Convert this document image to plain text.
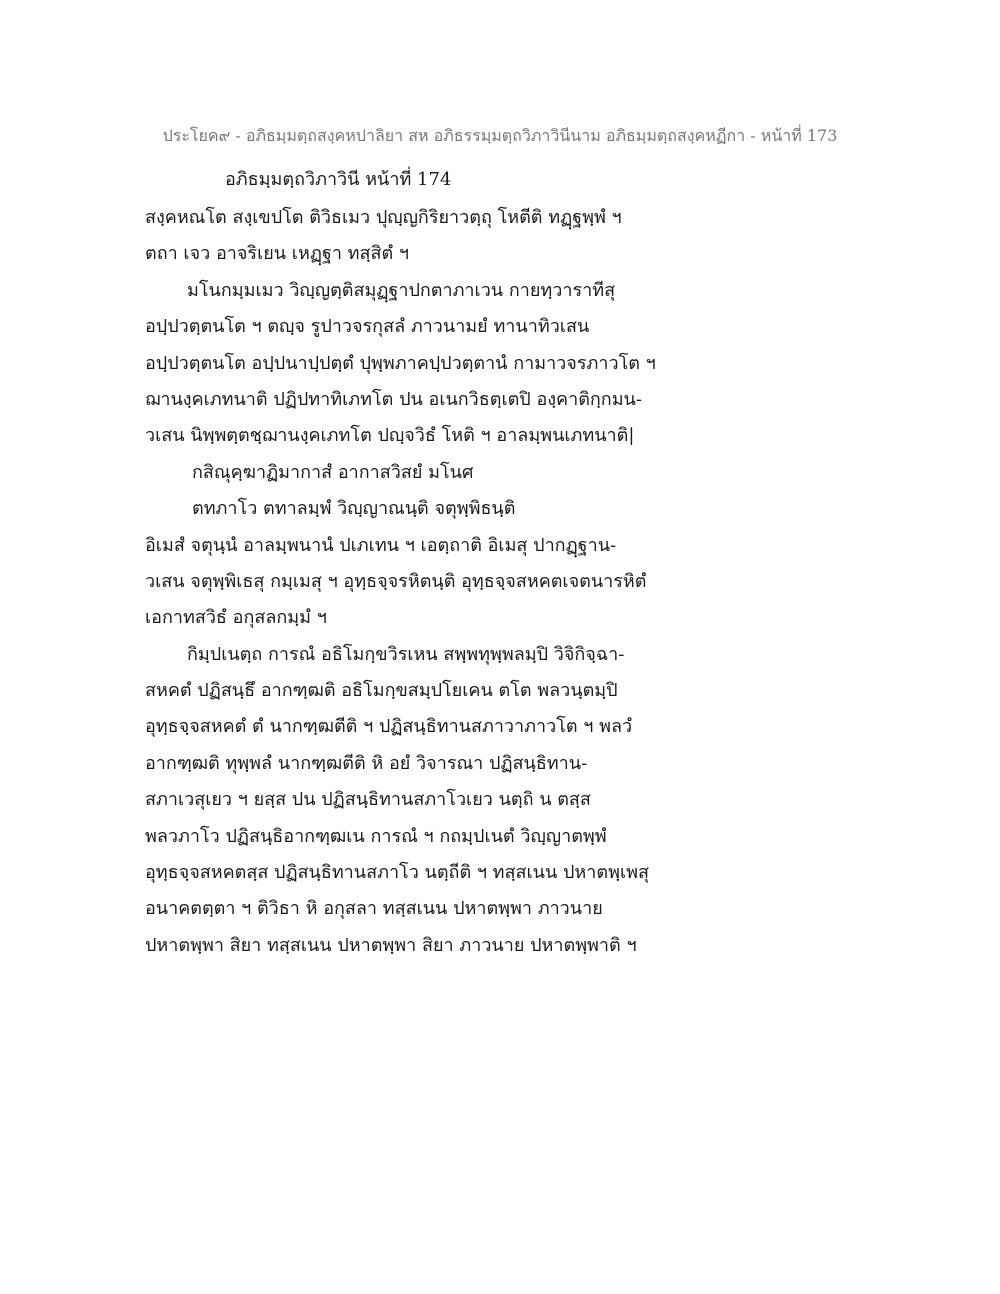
ประโยค๙ - อภิธมฺมตฺถสงฺคหปาลิยา สห อภิธรรมฺมตฺถวิภาวินีนาม อภิธมฺมตฺถสงฺคหฏีกา - หน้าที่ 173
อภิธมฺมตฺถวิภาวินี หน้าที่ 174
สงฺคหณโต สงฺเขปโต ติวิธเมว ปุญฺญกิริยาวตฺถุ โหตีติ ทฏฺฐพฺพํ ฯ
ตถา เจว อาจริเยน เหฏฺฐา ทสฺสิตํ ฯ
มโนกมฺมเมว วิญฺญตฺติสมุฏฺฐาปกตาภาเวน กายทฺวาราทีสุ
อปฺปวตฺตนโต ฯ ตญฺจ รูปาวจรกุสลํ ภาวนามยํ ทานาทิวเสน
อปฺปวตฺตนโต อปฺปนาปฺปตฺตํ ปุพฺพภาคปฺปวตฺตานํ กามาวจรภาวโต ฯ
ฌานงฺคเภทนาติ ปฏิปทาทิเภทโต ปน อเนกวิธตฺเตปิ องฺคาติกฺกมน-
วเสน นิพฺพตฺตชฺฌานงฺคเภทโต ปญฺจวิธํ โหติ ฯ อาลมฺพนเภทนาติ|
กสิณุคฺฆาฏิมากาสํ อากาสวิสยํ มโนศ
ตทภาโว ตทาลมฺพํ วิญฺญาณนฺติ จตุพฺพิธนฺติ
อิเมสํ จตุนฺนํ อาลมฺพนานํ ปเภเทน ฯ เอตฺถาติ อิเมสุ ปากฏฺฐาน-
วเสน จตุพฺพิเธสุ กมฺเมสุ ฯ อุทฺธจฺจรหิตนฺติ อุทฺธจฺจสหคตเจตนารหิตํ
เอกาทสวิธํ อกุสลกมฺมํ ฯ
กิมฺปเนตฺถ การณํ อธิโมกฺขวิรเหน สพฺพทุพฺพลมฺปิ วิจิกิจฺฉา-
สหคตํ ปฏิสนฺธึ อากฑฺฒติ อธิโมกฺขสมฺปโยเคน ตโต พลวนฺตมฺปิ
อุทฺธจฺจสหคตํ ตํ นากฑฺฒตีติ ฯ ปฏิสนฺธิทานสภาวาภาวโต ฯ พลวํ
อากฑฺฒติ ทุพฺพลํ นากฑฺฒตีติ หิ อยํ วิจารณา ปฏิสนฺธิทาน-
สภาเวสุเยว ฯ ยสฺส ปน ปฏิสนฺธิทานสภาโวเยว นตฺถิ น ตสฺส
พลวภาโว ปฏิสนฺธิอากฑฺฒเน การณํ ฯ กถมฺปเนตํ วิญฺญาตพฺพํ
อุทฺธจฺจสหคตสฺส ปฏิสนฺธิทานสภาโว นตฺถีติ ฯ ทสฺสเนน ปหาตพฺเพสุ
อนาคตตฺตา ฯ ติวิธา หิ อกุสลา ทสฺสเนน ปหาตพฺพา ภาวนาย
ปหาตพฺพา สิยา ทสฺสเนน ปหาตพฺพา สิยา ภาวนาย ปหาตพฺพาติ ฯ
